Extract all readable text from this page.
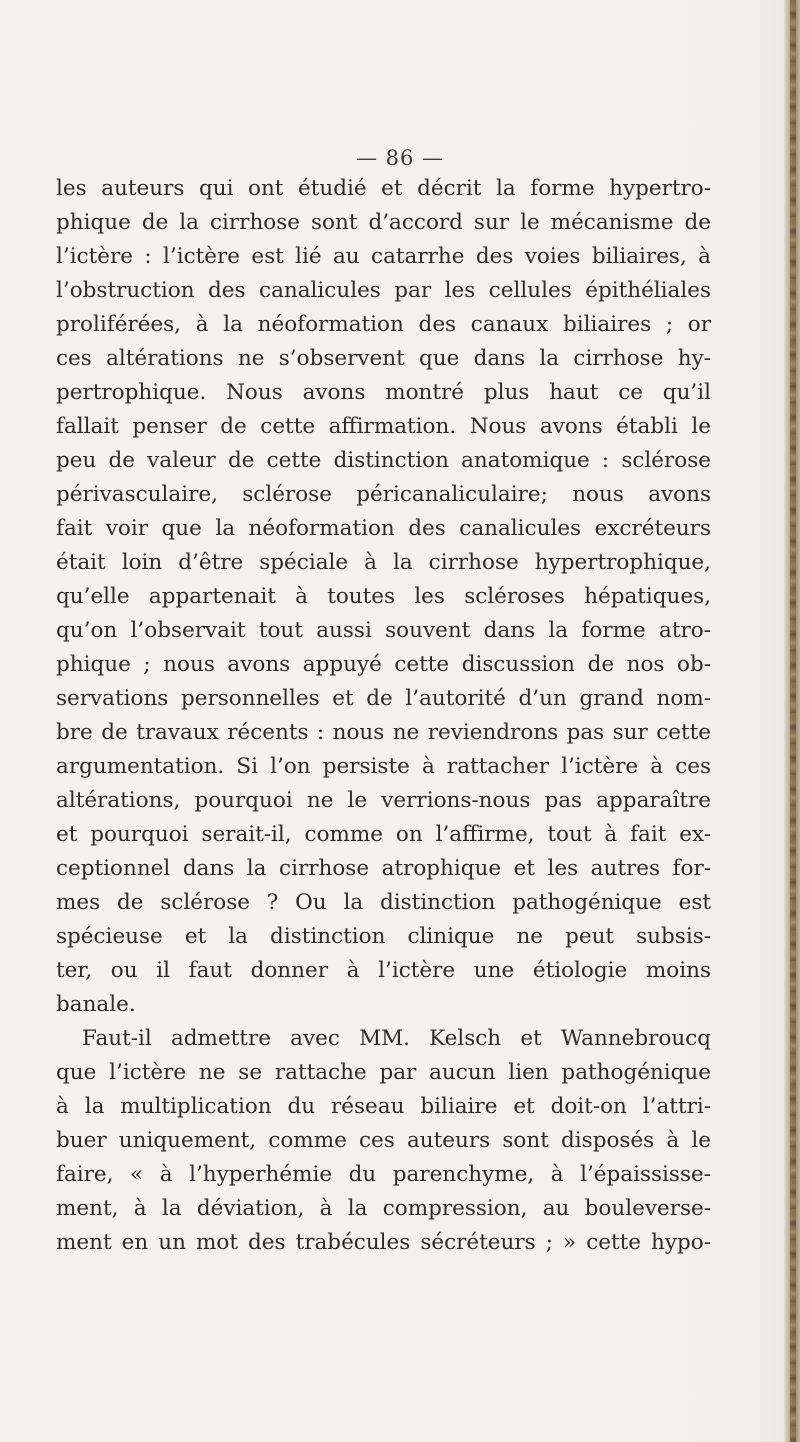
— 86 —
les auteurs qui ont étudié et décrit la forme hypertro-
phique de la cirrhose sont d’accord sur le mécanisme de
l’ictère : l’ictère est lié au catarrhe des voies biliaires, à
l’obstruction des canalicules par les cellules épithéliales
proliférées, à la néoformation des canaux biliaires ; or
ces altérations ne s’observent que dans la cirrhose hy-
pertrophique. Nous avons montré plus haut ce qu’il
fallait penser de cette affirmation. Nous avons établi le
peu de valeur de cette distinction anatomique : sclérose
périvasculaire, sclérose péricanaliculaire; nous avons
fait voir que la néoformation des canalicules excréteurs
était loin d’être spéciale à la cirrhose hypertrophique,
qu’elle appartenait à toutes les scléroses hépatiques,
qu’on l’observait tout aussi souvent dans la forme atro-
phique ; nous avons appuyé cette discussion de nos ob-
servations personnelles et de l’autorité d’un grand nom-
bre de travaux récents : nous ne reviendrons pas sur cette
argumentation. Si l’on persiste à rattacher l’ictère à ces
altérations, pourquoi ne le verrions-nous pas apparaître
et pourquoi serait-il, comme on l’affirme, tout à fait ex-
ceptionnel dans la cirrhose atrophique et les autres for-
mes de sclérose ? Ou la distinction pathogénique est
spécieuse et la distinction clinique ne peut subsis-
ter, ou il faut donner à l’ictère une étiologie moins
banale.
Faut-il admettre avec MM. Kelsch et Wannebroucq
que l’ictère ne se rattache par aucun lien pathogénique
à la multiplication du réseau biliaire et doit-on l’attri-
buer uniquement, comme ces auteurs sont disposés à le
faire, « à l’hyperhémie du parenchyme, à l’épaississe-
ment, à la déviation, à la compression, au bouleverse-
ment en un mot des trabécules sécréteurs ; » cette hypo-
